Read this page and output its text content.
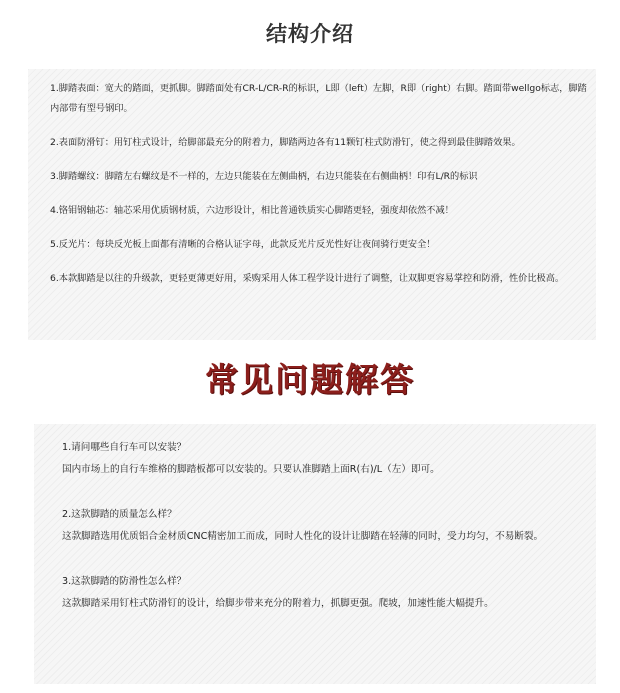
结构介绍
1.脚踏表面：宽大的踏面，更抓脚。脚踏面处有CR-L/CR-R的标识，L即（left）左脚，R即（right）右脚。踏面带wellgo标志，脚踏内部带有型号钢印。
2.表面防滑钉：用钉柱式设计，给脚部最充分的附着力，脚踏两边各有11颗钉柱式防滑钉，使之得到最佳脚踏效果。
3.脚踏螺纹：脚踏左右螺纹是不一样的，左边只能装在左侧曲柄，右边只能装在右侧曲柄！印有L/R的标识
4.铬钼钢轴芯：轴芯采用优质钢材质，六边形设计，相比普通铁质实心脚踏更轻，强度却依然不减！
5.反光片：每块反光板上面都有清晰的合格认证字母，此款反光片反光性好让夜间骑行更安全！
6.本款脚踏是以往的升级款，更轻更薄更好用，采购采用人体工程学设计进行了调整，让双脚更容易掌控和防滑，性价比极高。
常见问题解答
1.请问哪些自行车可以安装？
国内市场上的自行车维格的脚踏板都可以安装的。只要认准脚踏上面R(右)/L（左）即可。
2.这款脚踏的质量怎么样？
这款脚踏选用优质铝合金材质CNC精密加工而成，同时人性化的设计让脚踏在轻薄的同时，受力均匀，不易断裂。
3.这款脚踏的防滑性怎么样？
这款脚踏采用钉柱式防滑钉的设计，给脚步带来充分的附着力，抓脚更强。爬坡，加速性能大幅提升。
